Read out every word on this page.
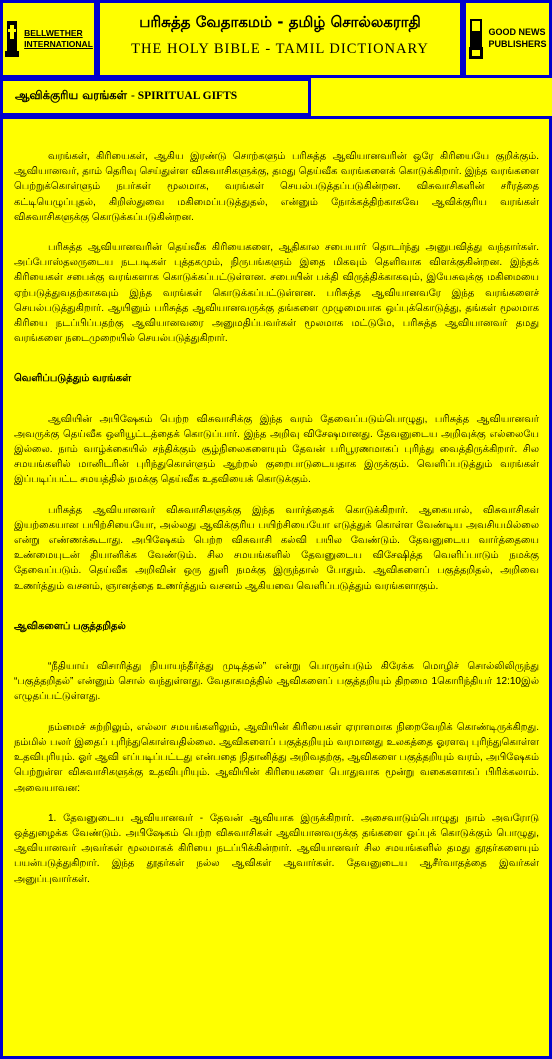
BELLWETHER
INTERNATIONAL
பரிசுத்த வேதாகமம் - தமிழ் சொல்லகராதி
THE HOLY BIBLE - TAMIL DICTIONARY
GOOD NEWS
PUBLISHERS
ஆவிக்குரிய வரங்கள் - SPIRITUAL GIFTS

வரங்கள், கிரியைகள், ஆகிய இரண்டு சொற்களும் பரிசுத்த ஆவியானவரின் ஒரே கிரியையே குறிக்கும். ஆவியானவர், தாம் தெரிவு செய்துள்ள விசுவாசிகளுக்கு, தமது தெய்வீக வரங்களைக் கொடுக்கிறார். இந்த வரங்களை பெற்றுக்கொள்ளும் நபர்கள் மூலமாக, வரங்கள் செயல்படுத்தப்படுகின்றன. விசுவாசிகளின் சரீரத்தை கட்டியெழுப்புதல், கிறிஸ்துவை மகிமைப்படுத்துதல், என்னும் நோக்கத்திற்காகவே ஆவிக்குரிய வரங்கள் விசுவாசிகளுக்கு கொடுக்கப்படுகின்றன.

பரிசுத்த ஆவியானவரின் தெய்வீக கிரியைகளை, ஆதிகால சபையார் தொடர்ந்து அனுபவித்து வந்தார்கள். அப்போஸ்தலருடைய நடபடிகள் புத்தகமும், நிருபங்களும் இதை மிகவும் தெளிவாக விளக்குகின்றன. இந்தக் கிரியைகள் சபைக்கு வரங்களாக கொடுக்கப்பட்டுள்ளன. சபையின் பக்தி விருத்திக்காகவும், இயேசுவுக்கு மகிமையை ஏற்படுத்துவதற்காகவும் இந்த வரங்கள் கொடுக்கப்பட்டுள்ளன. பரிசுத்த ஆவியானவரே இந்த வரங்களைச் செயல்படுத்துகிறார். ஆயினும் பரிசுத்த ஆவியானவருக்கு தங்களை முழுமையாக ஒப்புக்கொடுத்து, தங்கள் மூலமாக கிரியை நடப்பிப்பதற்கு ஆவியானவரை அனுமதிப்பவர்கள் மூலமாக மட்டுமே, பரிசுத்த ஆவியானவர் தமது வரங்களை நடைமுறையில் செயல்படுத்துகிறார்.

வெளிப்படுத்தும் வரங்கள்

ஆவியின் அபிஷேகம் பெற்ற விசுவாசிக்கு இந்த வரம் தேவைப்படும்பொழுது, பரிசுத்த ஆவியானவர் அவருக்கு தெய்வீக ஒளியூட்டத்தைக் கொடுப்பார். இந்த அறிவு விசேஷமானது. தேவனுடைய அறிவுக்கு எல்லையே இல்லை. நாம் வாழ்க்கையில் சந்திக்கும் சூழ்நிலைகளையும் தேவன் பரிபூரணமாகப் புரிந்து வைத்திருக்கிறார். சில சமயங்களில் மானிடரின் புரிந்துகொள்ளும் ஆற்றல் குறைபாடுடையதாக இருக்கும். வெளிப்படுத்தும் வரங்கள் இப்படிப்பட்ட சமயத்தில் நமக்கு தெய்வீக உதவியைக் கொடுக்கும்.

பரிசுத்த ஆவியானவர் விசுவாசிகளுக்கு இந்த வார்த்தைக் கொடுக்கிறார். ஆகையால், விசுவாசிகள் இயற்கையான பயிற்சியையோ, அல்லது ஆவிக்குரிய பயிற்சியையோ எடுத்துக் கொள்ள வேண்டிய அவசியமில்லை என்று எண்ணக்கூடாது. அபிஷேகம் பெற்ற விசுவாசி கல்வி பயில வேண்டும். தேவனுடைய வார்த்தையை உண்மையுடன் தியானிக்க வேண்டும். சில சமயங்களில் தேவனுடைய விசேஷித்த வெளிப்பாடும் நமக்கு தேவைப்படும். தெய்வீக அறிவின் ஒரு துளி நமக்கு இருந்தால் போதும். ஆவிகளைப் பகுத்தறிதல், அறிவை உணர்த்தும் வசனம், ஞானத்தை உணர்த்தும் வசனம் ஆகியவை வெளிப்படுத்தும் வரங்களாகும்.

ஆவிகளைப் பகுத்தறிதல்

“நீதியாய் விசாரித்து நியாயந்தீர்த்து முடித்தல்” என்று பொருள்படும் கிரேக்க மொழிச் சொல்லிலிருந்து “பகுத்தறிதல்” என்னும் சொல் வந்துள்ளது. வேதாகமத்தில் ஆவிகளைப் பகுத்தறியும் திறமை 1கொரிந்தியர் 12:10இல் எழுதப்பட்டுள்ளது.

நம்மைச் சுற்றிலும், எல்லா சமயங்களிலும், ஆவியின் கிரியைகள் ஏராளமாக நிறைவேறிக் கொண்டிருக்கிறது. நம்மில் பலர் இதைப் புரிந்துகொள்வதில்லை. ஆவிகளைப் பகுத்தறியும் வரமானது உலகத்தை ஓரளவு புரிந்துகொள்ள உதவிபுரியும். ஓர் ஆவி எப்படிப்பட்டது என்பதை நிதானித்து அறிவதற்கு, ஆவிகளை பகுத்தறியும் வரம், அபிஷேகம் பெற்றுள்ள விசுவாசிகளுக்கு உதவிபுரியும். ஆவியின் கிரியைகளை பொதுவாக மூன்று வகைகளாகப் பிரிக்கலாம். அவையாவன:

1. தேவனுடைய ஆவியானவர் - தேவன் ஆவியாக இருக்கிறார். அசைவாடும்பொழுது நாம் அவரோடு ஒத்துழைக்க வேண்டும். அபிஷேகம் பெற்ற விசுவாசிகள் ஆவியானவருக்கு தங்களை ஒப்புக் கொடுக்கும் பொழுது, ஆவியானவர் அவர்கள் மூலமாகக் கிரியை நடப்பிக்கின்றார். ஆவியானவர் சில சமயங்களில் தமது தூதர்களையும் பயன்படுத்துகிறார். இந்த தூதர்கள் நல்ல ஆவிகள் ஆவார்கள். தேவனுடைய ஆசீர்வாதத்தை இவர்கள் அனுப்புவார்கள்.
